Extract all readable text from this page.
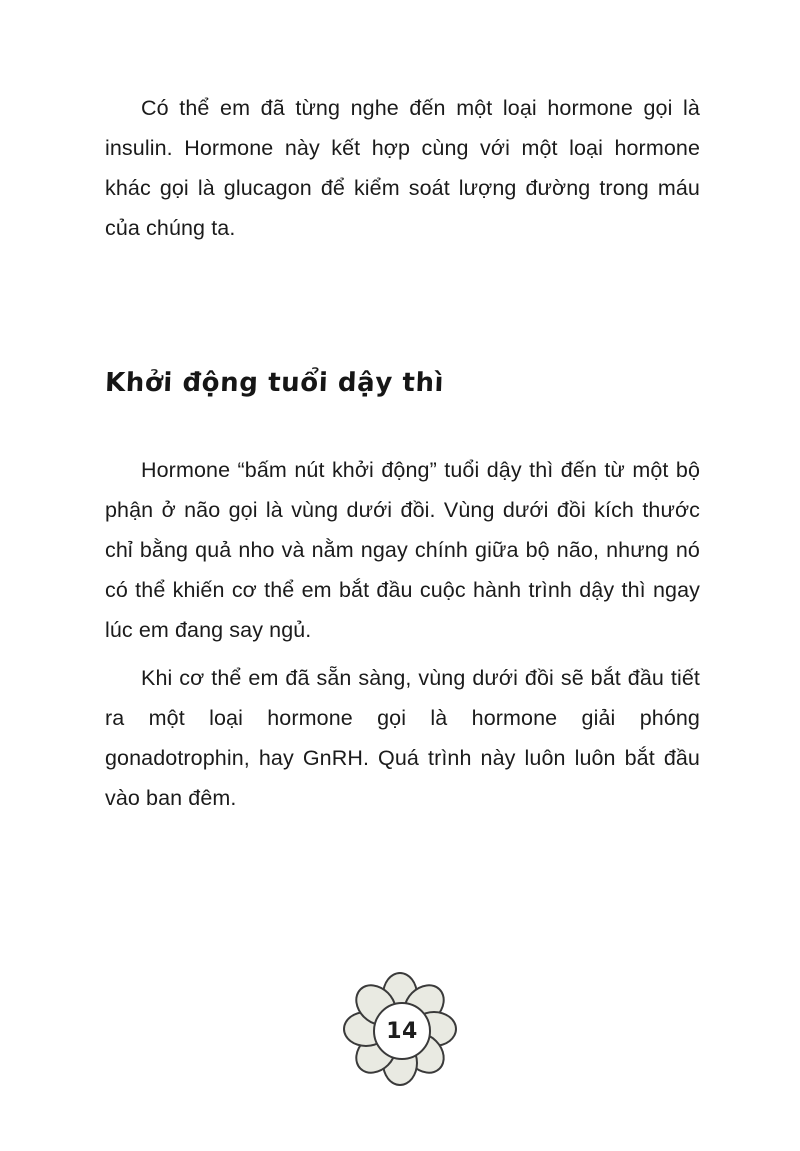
Có thể em đã từng nghe đến một loại hormone gọi là insulin. Hormone này kết hợp cùng với một loại hormone khác gọi là glucagon để kiểm soát lượng đường trong máu của chúng ta.

Khởi động tuổi dậy thì

Hormone “bấm nút khởi động” tuổi dậy thì đến từ một bộ phận ở não gọi là vùng dưới đồi. Vùng dưới đồi kích thước chỉ bằng quả nho và nằm ngay chính giữa bộ não, nhưng nó có thể khiến cơ thể em bắt đầu cuộc hành trình dậy thì ngay lúc em đang say ngủ.

Khi cơ thể em đã sẵn sàng, vùng dưới đồi sẽ bắt đầu tiết ra một loại hormone gọi là hormone giải phóng gonadotrophin, hay GnRH. Quá trình này luôn luôn bắt đầu vào ban đêm.

14
